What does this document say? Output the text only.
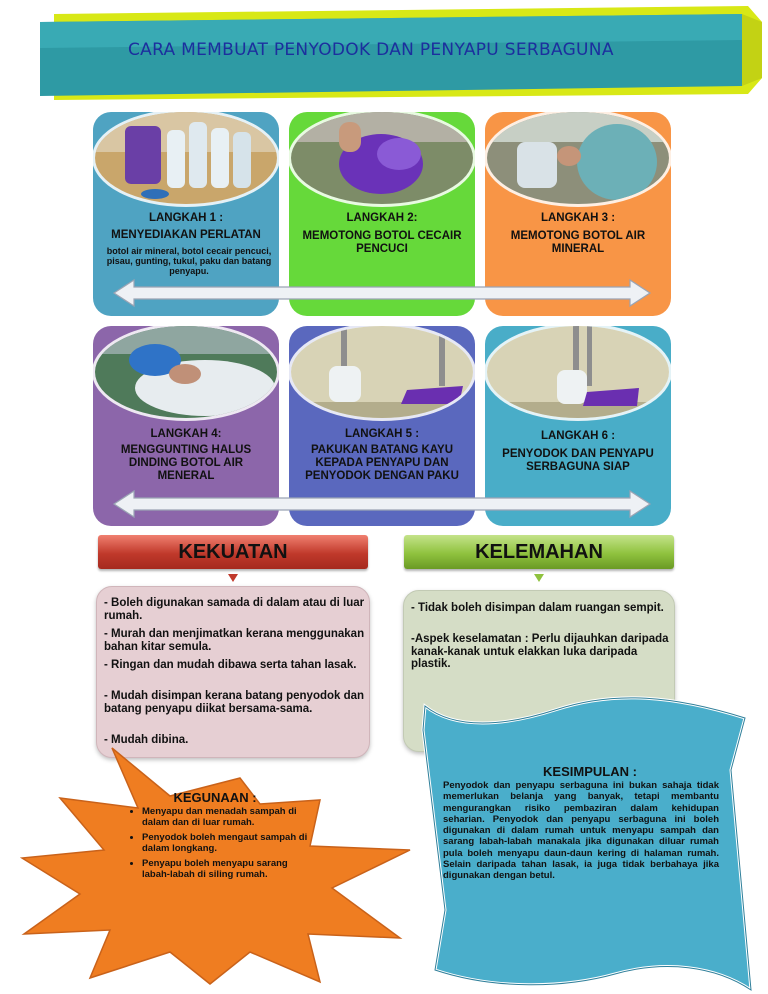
CARA MEMBUAT PENYODOK DAN PENYAPU SERBAGUNA
LANGKAH 1 :
MENYEDIAKAN PERLATAN
botol air mineral, botol cecair pencuci, pisau, gunting, tukul, paku dan batang penyapu.
LANGKAH 2:
MEMOTONG BOTOL CECAIR PENCUCI
LANGKAH 3 :
MEMOTONG BOTOL AIR MINERAL
LANGKAH 4:
MENGGUNTING HALUS DINDING BOTOL AIR MENERAL
LANGKAH 5 :
PAKUKAN BATANG KAYU KEPADA PENYAPU DAN PENYODOK DENGAN PAKU
LANGKAH 6 :
PENYODOK DAN PENYAPU SERBAGUNA SIAP
KEKUATAN	KELEMAHAN
- Boleh digunakan samada di dalam atau di luar rumah.
- Murah dan menjimatkan kerana menggunakan bahan kitar semula.
- Ringan dan mudah dibawa serta tahan lasak.
- Mudah disimpan kerana batang penyodok dan batang penyapu diikat bersama-sama.
- Mudah dibina.
- Tidak boleh disimpan dalam ruangan sempit.
-Aspek keselamatan : Perlu dijauhkan daripada kanak-kanak untuk elakkan luka daripada plastik.
KEGUNAAN :
• Menyapu dan menadah sampah di dalam dan di luar rumah.
• Penyodok boleh mengaut sampah di dalam longkang.
• Penyapu boleh menyapu sarang labah-labah di siling rumah.
KESIMPULAN :
Penyodok dan penyapu serbaguna ini bukan sahaja tidak memerlukan belanja yang banyak, tetapi membantu mengurangkan risiko pembaziran dalam kehidupan seharian. Penyodok dan penyapu serbaguna ini boleh digunakan di dalam rumah untuk menyapu sampah dan sarang labah-labah manakala jika digunakan diluar rumah pula boleh menyapu daun-daun kering di halaman rumah. Selain daripada tahan lasak, ia juga tidak berbahaya jika digunakan dengan betul.
